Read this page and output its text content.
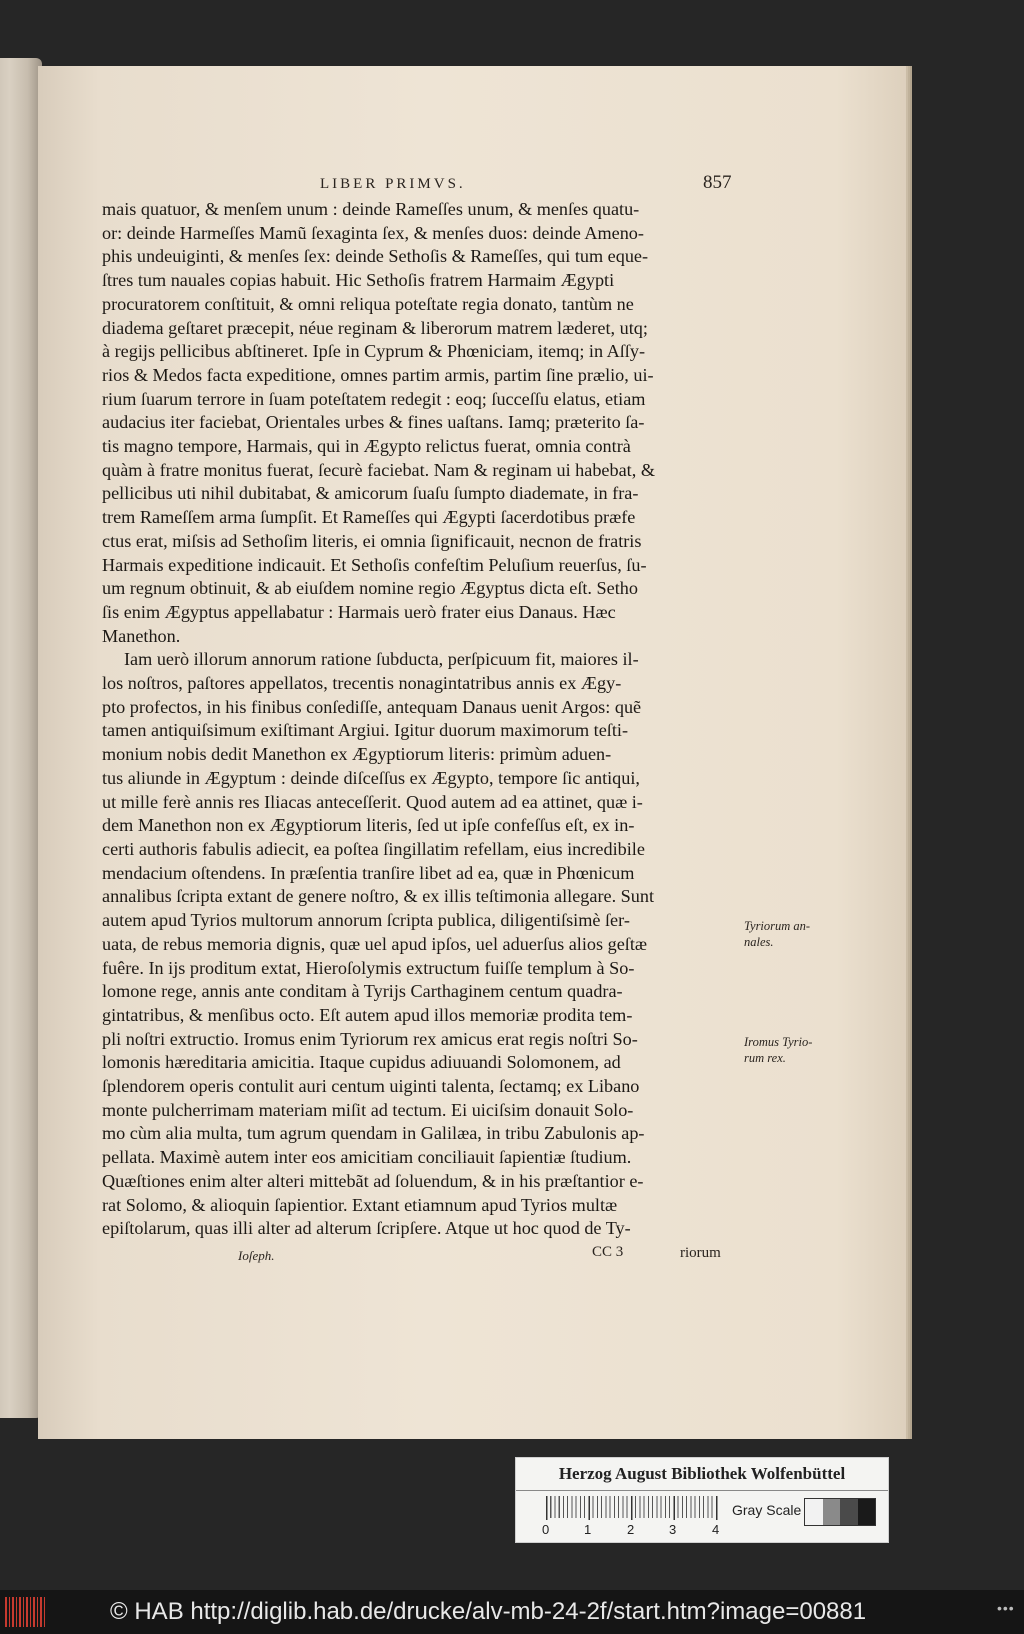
LIBER PRIMVS.	857
mais quatuor, & menſem unum : deinde Rameſſes unum, & menſes quatu-
or: deinde Harmeſſes Mamũ ſexaginta ſex, & menſes duos: deinde Ameno-
phis undeuiginti, & menſes ſex: deinde Sethoſis & Rameſſes, qui tum eque-
ſtres tum nauales copias habuit. Hic Sethoſis fratrem Harmaim Ægypti
procuratorem conſtituit, & omni reliqua poteſtate regia donato, tantùm ne
diadema geſtaret præcepit, néue reginam & liberorum matrem læderet, utq;
à regijs pellicibus abſtineret. Ipſe in Cyprum & Phœniciam, itemq; in Aſſy-
rios & Medos facta expeditione, omnes partim armis, partim ſine prælio, ui-
rium ſuarum terrore in ſuam poteſtatem redegit : eoq; ſucceſſu elatus, etiam
audacius iter faciebat, Orientales urbes & fines uaſtans. Iamq; præterito ſa-
tis magno tempore, Harmais, qui in Ægypto relictus fuerat, omnia contrà
quàm à fratre monitus fuerat, ſecurè faciebat. Nam & reginam ui habebat, &
pellicibus uti nihil dubitabat, & amicorum ſuaſu ſumpto diademate, in fra-
trem Rameſſem arma ſumpſit. Et Rameſſes qui Ægypti ſacerdotibus præfe
ctus erat, miſsis ad Sethoſim literis, ei omnia ſignificauit, necnon de fratris
Harmais expeditione indicauit. Et Sethoſis confeſtim Peluſium reuerſus, ſu-
um regnum obtinuit, & ab eiuſdem nomine regio Ægyptus dicta eſt. Setho
ſis enim Ægyptus appellabatur : Harmais uerò frater eius Danaus. Hæc
Manethon.
Iam uerò illorum annorum ratione ſubducta, perſpicuum fit, maiores il-
los noſtros, paſtores appellatos, trecentis nonagintatribus annis ex Ægy-
pto profectos, in his finibus conſediſſe, antequam Danaus uenit Argos: quẽ
tamen antiquiſsimum exiſtimant Argiui. Igitur duorum maximorum teſti-
monium nobis dedit Manethon ex Ægyptiorum literis: primùm aduen-
tus aliunde in Ægyptum : deinde diſceſſus ex Ægypto, tempore ſic antiqui,
ut mille ferè annis res Iliacas anteceſſerit. Quod autem ad ea attinet, quæ i-
dem Manethon non ex Ægyptiorum literis, ſed ut ipſe confeſſus eſt, ex in-
certi authoris fabulis adiecit, ea poſtea ſingillatim refellam, eius incredibile
mendacium oſtendens. In præſentia tranſire libet ad ea, quæ in Phœnicum
annalibus ſcripta extant de genere noſtro, & ex illis teſtimonia allegare. Sunt
autem apud Tyrios multorum annorum ſcripta publica, diligentiſsimè ſer-
uata, de rebus memoria dignis, quæ uel apud ipſos, uel aduerſus alios geſtæ
fuêre. In ijs proditum extat, Hieroſolymis extructum fuiſſe templum à So-
lomone rege, annis ante conditam à Tyrijs Carthaginem centum quadra-
gintatribus, & menſibus octo. Eſt autem apud illos memoriæ prodita tem-
pli noſtri extructio. Iromus enim Tyriorum rex amicus erat regis noſtri So-
lomonis hæreditaria amicitia. Itaque cupidus adiuuandi Solomonem, ad
ſplendorem operis contulit auri centum uiginti talenta, ſectamq; ex Libano
monte pulcherrimam materiam miſit ad tectum. Ei uiciſsim donauit Solo-
mo cùm alia multa, tum agrum quendam in Galilæa, in tribu Zabulonis ap-
pellata. Maximè autem inter eos amicitiam conciliauit ſapientiæ ſtudium.
Quæſtiones enim alter alteri mittebãt ad ſoluendum, & in his præſtantior e-
rat Solomo, & alioquin ſapientior. Extant etiamnum apud Tyrios multæ
epiſtolarum, quas illi alter ad alterum ſcripſere. Atque ut hoc quod de Ty-
Tyriorum an-
nales.
Iromus Tyrio-
rum rex.
Ioſeph.	CC 3	riorum
Herzog August Bibliothek Wolfenbüttel
0	1	2	3	4
Gray Scale
© HAB http://diglib.hab.de/drucke/alv-mb-24-2f/start.htm?image=00881	•••
